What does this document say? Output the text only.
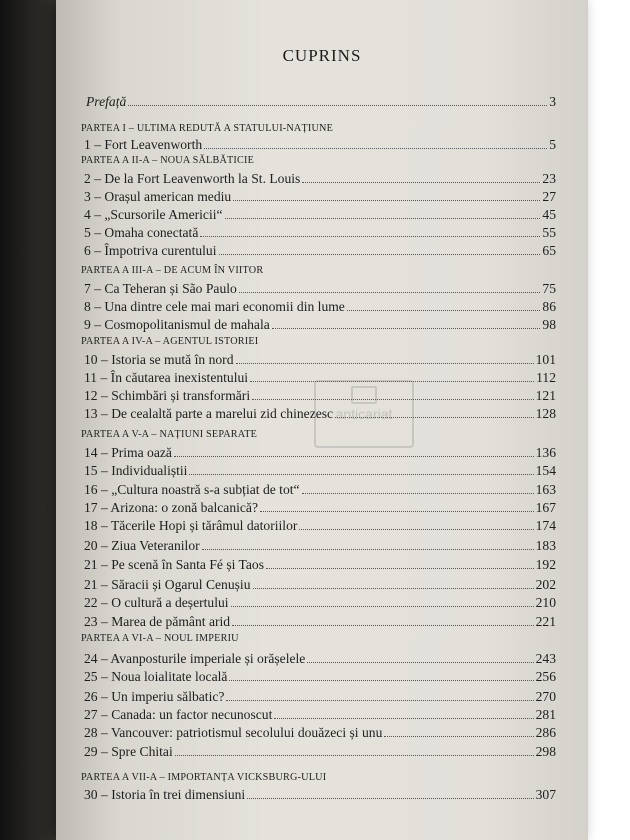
CUPRINS
Prefață	3
PARTEA I – ULTIMA REDUTĂ A STATULUI-NAȚIUNE
1 – Fort Leavenworth	5
PARTEA A II-A – NOUA SĂLBĂTICIE
2 – De la Fort Leavenworth la St. Louis	23
3 – Orașul american mediu	27
4 – „Scursorile Americii“	45
5 – Omaha conectată	55
6 – Împotriva curentului	65
PARTEA A III-A – DE ACUM ÎN VIITOR
7 – Ca Teheran și São Paulo	75
8 – Una dintre cele mai mari economii din lume	86
9 – Cosmopolitanismul de mahala	98
PARTEA A IV-A – AGENTUL ISTORIEI
10 – Istoria se mută în nord	101
11 – În căutarea inexistentului	112
12 – Schimbări și transformări	121
13 – De cealaltă parte a marelui zid chinezesc	128
PARTEA A V-A – NAȚIUNI SEPARATE
14 – Prima oază	136
15 – Individualiștii	154
16 – „Cultura noastră s-a subțiat de tot“	163
17 – Arizona: o zonă balcanică?	167
18 – Tăcerile Hopi și tărâmul datoriilor	174
20 – Ziua Veteranilor	183
21 – Pe scenă în Santa Fé și Taos	192
21 – Săracii și Ogarul Cenușiu	202
22 – O cultură a deșertului	210
23 – Marea de pământ arid	221
PARTEA A VI-A – NOUL IMPERIU
24 – Avanposturile imperiale și orășelele	243
25 – Noua loialitate locală	256
26 – Un imperiu sălbatic?	270
27 – Canada: un factor necunoscut	281
28 – Vancouver: patriotismul secolului douăzeci și unu	286
29 – Spre Chitai	298
PARTEA A VII-A – IMPORTANȚA VICKSBURG-ULUI
30 – Istoria în trei dimensiuni	307
anticariat
